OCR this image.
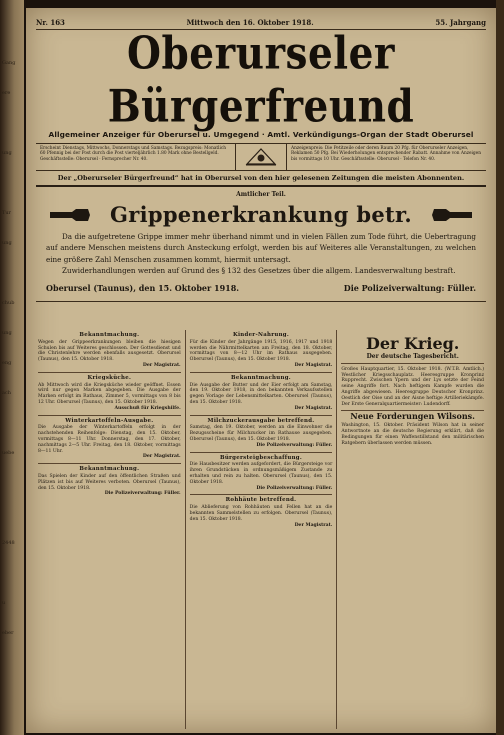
Gang
ere
ung
Tur
ung
chub
ung
eng
ach
uebe
2448
u
eber
Nr. 163	Mittwoch den 16. Oktober 1918.	55. Jahrgang
Oberurseler Bürgerfreund
Allgemeiner Anzeiger für Oberursel u. Umgegend · Amtl. Verkündigungs-Organ der Stadt Oberursel
Erscheint Dienstags, Mittwochs, Donnerstags und Samstags. Bezugspreis: Monatlich 60 Pfennig bei der Post durch die Post vierteljährlich 1.80 Mark ohne Bestellgeld. Geschäftsstelle: Oberursel · Fernsprecher Nr. 40.
Anzeigenpreis: Die Petitzeile oder deren Raum 20 Pfg. für Oberurseler Anzeigen, Reklamen 50 Pfg. Bei Wiederholungen entsprechender Rabatt. Annahme von Anzeigen bis vormittags 10 Uhr. Geschäftsstelle: Oberursel · Telefon Nr. 40.
Der „Oberurseler Bürgerfreund“ hat in Oberursel von den hier gelesenen Zeitungen die meisten Abonnenten.
Amtlicher Teil.
Grippenerkrankung betr.

Da die aufgetretene Grippe immer mehr überhand nimmt und in vielen Fällen zum Tode führt, die Uebertragung auf andere Menschen meistens durch Ansteckung erfolgt, werden bis auf Weiteres alle Veranstaltungen, zu welchen eine größere Zahl Menschen zusammen kommt, hiermit untersagt.

Zuwiderhandlungen werden auf Grund des § 132 des Gesetzes über die allgem. Landesverwaltung bestraft.

Oberursel (Taunus), den 15. Oktober 1918.	Die Polizeiverwaltung: Füller.
Bekanntmachung.
Wegen der Grippeerkrankungen bleiben die hiesigen Schulen bis auf Weiteres geschlossen. Der Gottesdienst und die Christenlehre werden ebenfalls ausgesetzt. Oberursel (Taunus), den 15. Oktober 1918.
Der Magistrat.
Kriegsküche.
Ab Mittwoch wird die Kriegsküche wieder geöffnet. Essen wird nur gegen Marken abgegeben. Die Ausgabe der Marken erfolgt im Rathaus, Zimmer 5, vormittags von 8 bis 12 Uhr. Oberursel (Taunus), den 15. Oktober 1918.
Ausschuß für Kriegshilfe.
Winterkartoffeln-Ausgabe.
Die Ausgabe der Winterkartoffeln erfolgt in der nachstehenden Reihenfolge: Dienstag, den 15. Oktober, vormittags 8—11 Uhr. Donnerstag, den 17. Oktober, nachmittags 2—5 Uhr. Freitag, den 18. Oktober, vormittags 8—11 Uhr.
Der Magistrat.
Bekanntmachung.
Das Spielen der Kinder auf den öffentlichen Straßen und Plätzen ist bis auf Weiteres verboten. Oberursel (Taunus), den 15. Oktober 1918.
Die Polizeiverwaltung: Füller.
Kinder-Nahrung.
Für die Kinder der Jahrgänge 1915, 1916, 1917 und 1918 werden die Nährmittelkarten am Freitag, den 18. Oktober, vormittags von 8—12 Uhr im Rathaus ausgegeben. Oberursel (Taunus), den 15. Oktober 1918.
Der Magistrat.
Bekanntmachung.
Die Ausgabe der Butter und der Eier erfolgt am Samstag, den 19. Oktober 1918, in den bekannten Verkaufsstellen gegen Vorlage der Lebensmittelkarten. Oberursel (Taunus), den 15. Oktober 1918.
Der Magistrat.
Milchzuckerausgabe betreffend.
Samstag, den 19. Oktober, werden an die Einwohner die Bezugsscheine für Milchzucker im Rathause ausgegeben. Oberursel (Taunus), den 15. Oktober 1918.
Die Polizeiverwaltung: Füller.
Bürgersteigbeschaffung.
Die Hausbesitzer werden aufgefordert, die Bürgersteige vor ihren Grundstücken in ordnungsmäßigem Zustande zu erhalten und rein zu halten. Oberursel (Taunus), den 15. Oktober 1918.
Die Polizeiverwaltung: Füller.
Rohhäute betreffend.
Die Ablieferung von Rohhäuten und Fellen hat an die bekannten Sammelstellen zu erfolgen. Oberursel (Taunus), den 15. Oktober 1918.
Der Magistrat.
Der Krieg.
Der deutsche Tagesbericht.
Großes Hauptquartier, 15. Oktober 1918. (W.T.B. Amtlich.) Westlicher Kriegsschauplatz. Heeresgruppe Kronprinz Rupprecht. Zwischen Ypern und der Lys setzte der Feind seine Angriffe fort. Nach heftigem Kampfe wurden die Angriffe abgewiesen. Heeresgruppe Deutscher Kronprinz. Oestlich der Oise und an der Aisne heftige Artilleriekämpfe. Der Erste Generalquartiermeister: Ludendorff.
Neue Forderungen Wilsons.
Washington, 15. Oktober. Präsident Wilson hat in seiner Antwortnote an die deutsche Regierung erklärt, daß die Bedingungen für einen Waffenstillstand den militärischen Ratgebern überlassen werden müssen.
